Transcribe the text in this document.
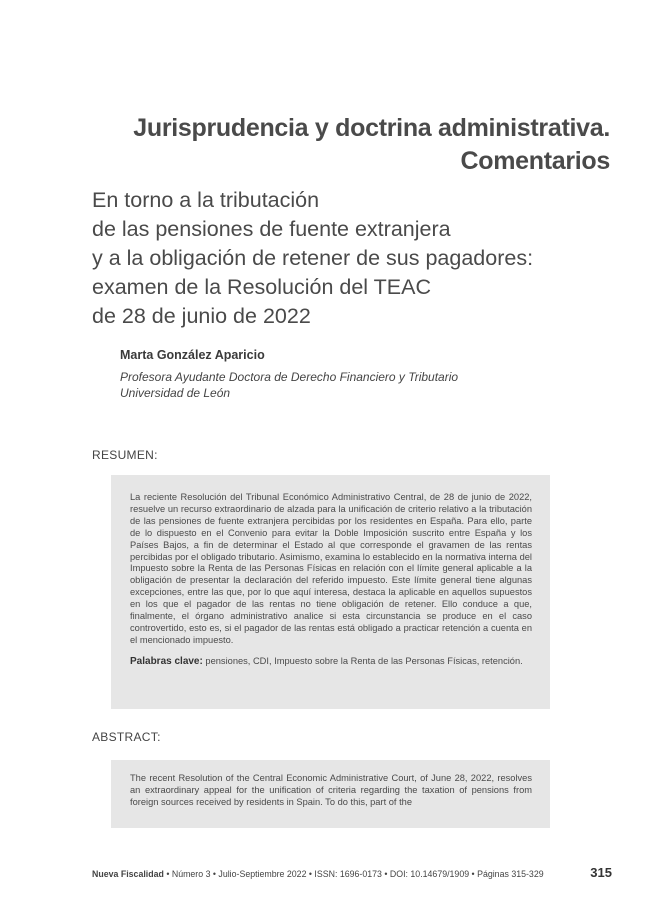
Jurisprudencia y doctrina administrativa.
Comentarios
En torno a la tributación
de las pensiones de fuente extranjera
y a la obligación de retener de sus pagadores:
examen de la Resolución del TEAC
de 28 de junio de 2022
Marta González Aparicio
Profesora Ayudante Doctora de Derecho Financiero y Tributario
Universidad de León
RESUMEN:

La reciente Resolución del Tribunal Económico Administrativo Central, de 28 de junio de 2022, resuelve un recurso extraordinario de alzada para la unificación de criterio relativo a la tributación de las pensiones de fuente extranjera percibidas por los residentes en España. Para ello, parte de lo dispuesto en el Convenio para evitar la Doble Imposición suscrito entre España y los Países Bajos, a fin de determinar el Estado al que corresponde el gravamen de las rentas percibidas por el obligado tributario. Asimismo, examina lo establecido en la normativa interna del Impuesto sobre la Renta de las Personas Físicas en relación con el límite general aplicable a la obligación de presentar la declaración del referido impuesto. Este límite general tiene algunas excepciones, entre las que, por lo que aquí interesa, destaca la aplicable en aquellos supuestos en los que el pagador de las rentas no tiene obligación de retener. Ello conduce a que, finalmente, el órgano administrativo analice si esta circunstancia se produce en el caso controvertido, esto es, si el pagador de las rentas está obligado a practicar retención a cuenta en el mencionado impuesto.

Palabras clave: pensiones, CDI, Impuesto sobre la Renta de las Personas Físicas, retención.

ABSTRACT:

The recent Resolution of the Central Economic Administrative Court, of June 28, 2022, resolves an extraordinary appeal for the unification of criteria regarding the taxation of pensions from foreign sources received by residents in Spain. To do this, part of the

Nueva Fiscalidad • Número 3 • Julio-Septiembre 2022 • ISSN: 1696-0173 • DOI: 10.14679/1909 • Páginas 315-329	315
